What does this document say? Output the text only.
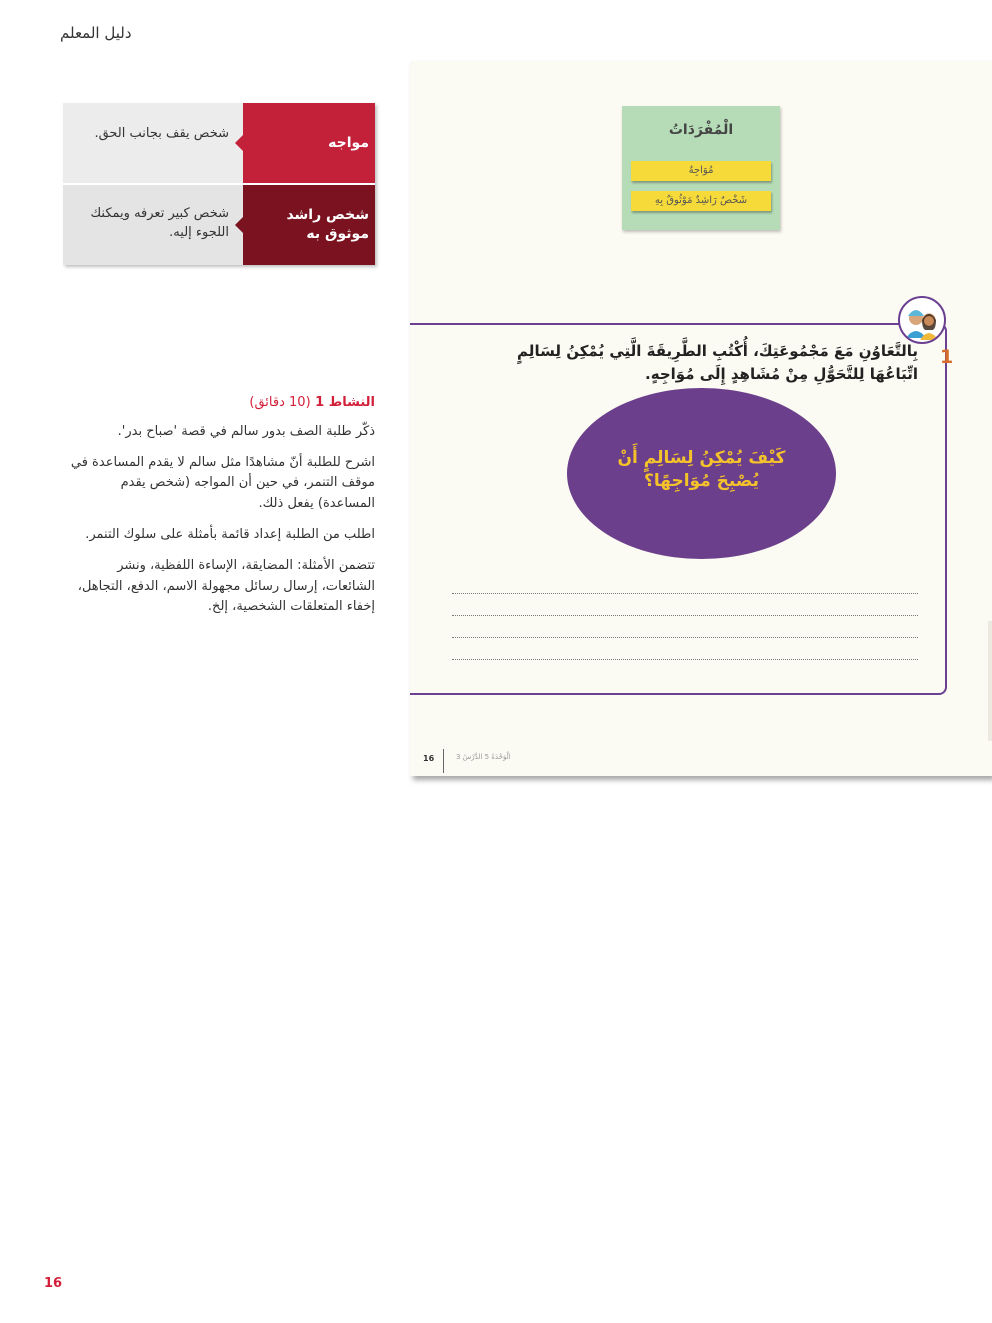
دليل المعلم
مواجه
شخص يقف بجانب الحق.
شخص راشد موثوق به
شخص كبير تعرفه ويمكنك اللجوء إليه.

النشاط 1 (10 دقائق)

ذكّر طلبة الصف بدور سالم في قصة 'صباح بدر'.

اشرح للطلبة أنّ مشاهدًا مثل سالم لا يقدم المساعدة في موقف التنمر، في حين أن المواجه (شخص يقدم المساعدة) يفعل ذلك.

اطلب من الطلبة إعداد قائمة بأمثلة على سلوك التنمر.

تتضمن الأمثلة: المضايقة، الإساءة اللفظية، ونشر الشائعات، إرسال رسائل مجهولة الاسم، الدفع، التجاهل، إخفاء المتعلقات الشخصية، إلخ.

16
الْمُفْرَدَاتُ
مُوَاجِهٌ
شَخْصٌ رَاشِدٌ مَوْثُوقٌ بِهِ
1
بِالتَّعَاوُنِ مَعَ مَجْمُوعَتِكَ، أُكْتُبِ الطَّرِيقَةَ الَّتِي يُمْكِنُ لِسَالِمٍ اتِّبَاعُهَا لِلتَّحَوُّلِ مِنْ مُشَاهِدٍ إِلَى مُوَاجِهٍ.
كَيْفَ يُمْكِنُ لِسَالِمٍ أَنْ يُصْبِحَ مُوَاجِهًا؟
16	الْوَحْدَةُ 5 الدَّرْسُ 3
